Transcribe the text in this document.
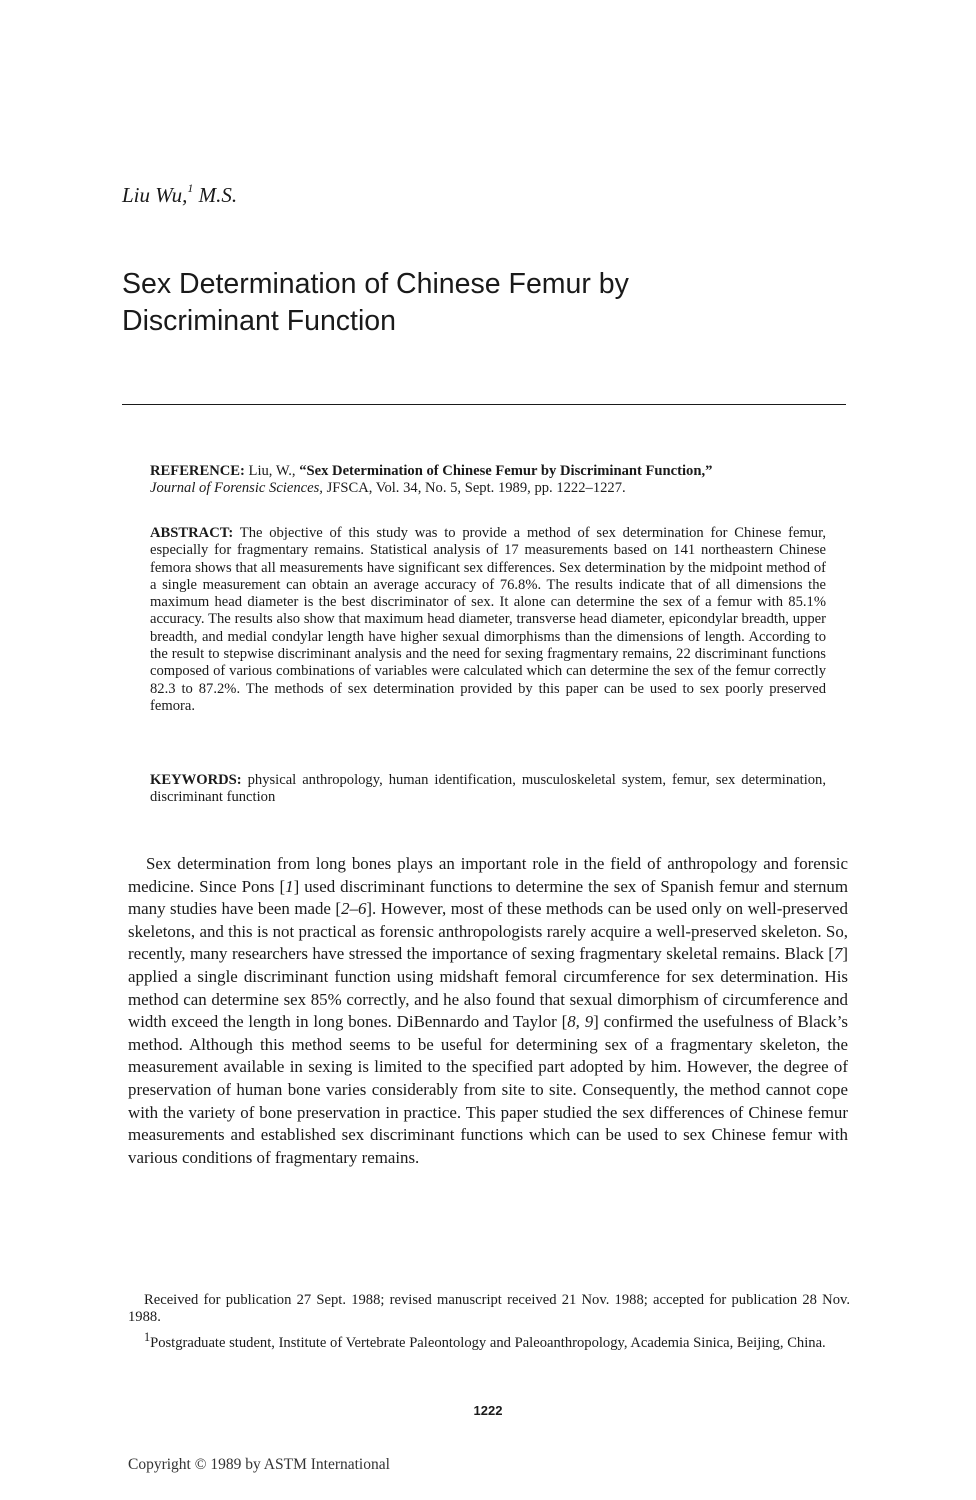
Liu Wu,$^1$ M.S.
Sex Determination of Chinese Femur by Discriminant Function
REFERENCE: Liu, W., “Sex Determination of Chinese Femur by Discriminant Function,”
Journal of Forensic Sciences, JFSCA, Vol. 34, No. 5, Sept. 1989, pp. 1222–1227.
ABSTRACT: The objective of this study was to provide a method of sex determination for Chinese femur, especially for fragmentary remains. Statistical analysis of 17 measurements based on 141 northeastern Chinese femora shows that all measurements have significant sex differences. Sex determination by the midpoint method of a single measurement can obtain an average accuracy of 76.8%. The results indicate that of all dimensions the maximum head diameter is the best discriminator of sex. It alone can determine the sex of a femur with 85.1% accuracy. The results also show that maximum head diameter, transverse head diameter, epicondylar breadth, upper breadth, and medial condylar length have higher sexual dimorphisms than the dimensions of length. According to the result to stepwise discriminant analysis and the need for sexing fragmentary remains, 22 discriminant functions composed of various combinations of variables were calculated which can determine the sex of the femur correctly 82.3 to 87.2%. The methods of sex determination provided by this paper can be used to sex poorly preserved femora.
KEYWORDS: physical anthropology, human identification, musculoskeletal system, femur, sex determination, discriminant function
Sex determination from long bones plays an important role in the field of anthropology and forensic medicine. Since Pons [1] used discriminant functions to determine the sex of Spanish femur and sternum many studies have been made [2–6]. However, most of these methods can be used only on well-preserved skeletons, and this is not practical as forensic anthropologists rarely acquire a well-preserved skeleton. So, recently, many researchers have stressed the importance of sexing fragmentary skeletal remains. Black [7] applied a single discriminant function using midshaft femoral circumference for sex determination. His method can determine sex 85% correctly, and he also found that sexual dimorphism of circumference and width exceed the length in long bones. DiBennardo and Taylor [8, 9] confirmed the usefulness of Black’s method. Although this method seems to be useful for determining sex of a fragmentary skeleton, the measurement available in sexing is limited to the specified part adopted by him. However, the degree of preservation of human bone varies considerably from site to site. Consequently, the method cannot cope with the variety of bone preservation in practice. This paper studied the sex differences of Chinese femur measurements and established sex discriminant functions which can be used to sex Chinese femur with various conditions of fragmentary remains.

Received for publication 27 Sept. 1988; revised manuscript received 21 Nov. 1988; accepted for publication 28 Nov. 1988.

$^1$Postgraduate student, Institute of Vertebrate Paleontology and Paleoanthropology, Academia Sinica, Beijing, China.

1222
Copyright © 1989 by ASTM International
